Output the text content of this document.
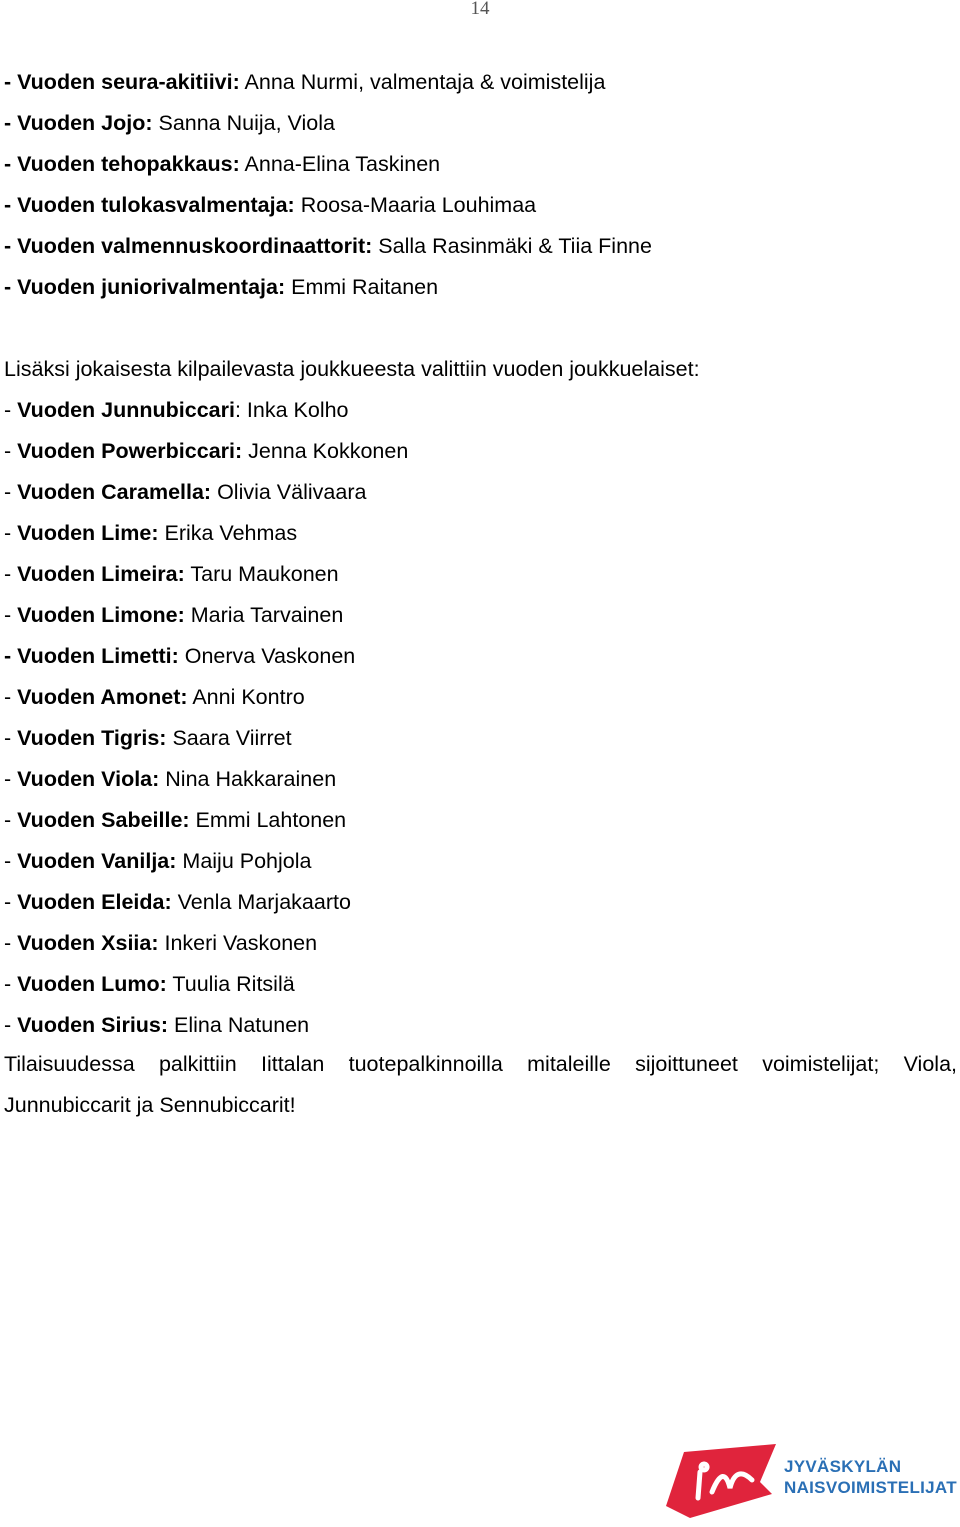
14
- Vuoden seura-akitiivi: Anna Nurmi, valmentaja & voimistelija
- Vuoden Jojo: Sanna Nuija, Viola
- Vuoden tehopakkaus: Anna-Elina Taskinen
- Vuoden tulokasvalmentaja: Roosa-Maaria Louhimaa
- Vuoden valmennuskoordinaattorit: Salla Rasinmäki & Tiia Finne
- Vuoden juniorivalmentaja: Emmi Raitanen
Lisäksi jokaisesta kilpailevasta joukkueesta valittiin vuoden joukkuelaiset:
- Vuoden Junnubiccari: Inka Kolho
- Vuoden Powerbiccari: Jenna Kokkonen
- Vuoden Caramella: Olivia Välivaara
- Vuoden Lime: Erika Vehmas
- Vuoden Limeira: Taru Maukonen
- Vuoden Limone: Maria Tarvainen
- Vuoden Limetti: Onerva Vaskonen
- Vuoden Amonet: Anni Kontro
- Vuoden Tigris: Saara Viirret
- Vuoden Viola: Nina Hakkarainen
- Vuoden Sabeille: Emmi Lahtonen
- Vuoden Vanilja: Maiju Pohjola
- Vuoden Eleida: Venla Marjakaarto
- Vuoden Xsiia: Inkeri Vaskonen
- Vuoden Lumo: Tuulia Ritsilä
- Vuoden Sirius: Elina Natunen
Tilaisuudessa palkittiin Iittalan tuotepalkinnoilla mitaleille sijoittuneet voimistelijat; Viola, Junnubiccarit ja Sennubiccarit!
JYVÄSKYLÄN
NAISVOIMISTELIJAT
